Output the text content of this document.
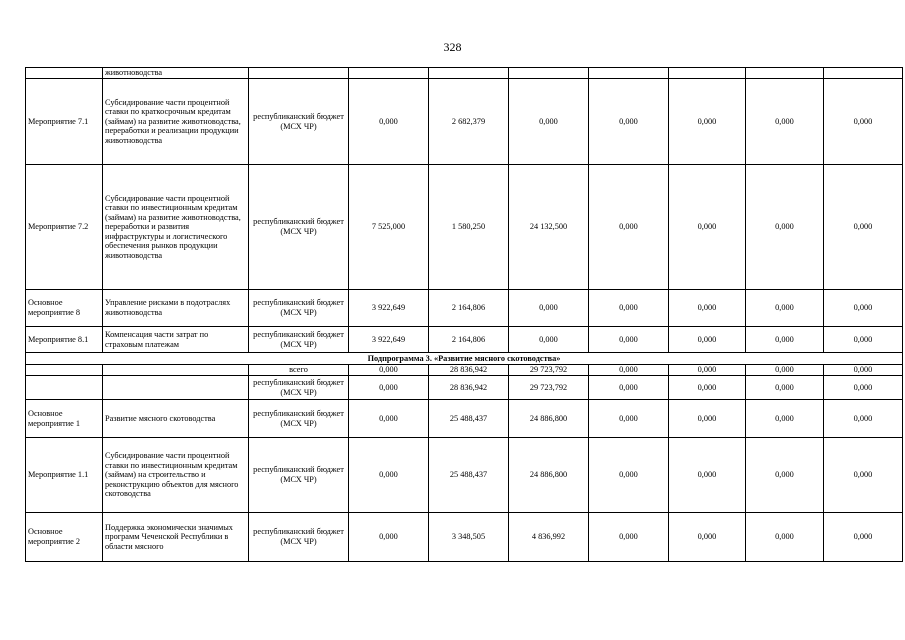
328
	животноводства								
Мероприятие 7.1	Субсидирование части процентной ставки по краткосрочным кредитам (займам) на развитие животноводства, переработки и реализации продукции животноводства	республиканский бюджет (МСХ ЧР)	0,000	2 682,379	0,000	0,000	0,000	0,000	0,000
Мероприятие 7.2	Субсидирование части процентной ставки по инвестиционным кредитам (займам) на развитие животноводства, переработки и развития инфраструктуры и логистического обеспечения рынков продукции животноводства	республиканский бюджет (МСХ ЧР)	7 525,000	1 580,250	24 132,500	0,000	0,000	0,000	0,000
Основное мероприятие 8	Управление рисками в подотраслях животноводства	республиканский бюджет (МСХ ЧР)	3 922,649	2 164,806	0,000	0,000	0,000	0,000	0,000
Мероприятие 8.1	Компенсация части затрат по страховым платежам	республиканский бюджет (МСХ ЧР)	3 922,649	2 164,806	0,000	0,000	0,000	0,000	0,000
Подпрограмма 3. «Развитие мясного скотоводства»									
		всего	0,000	28 836,942	29 723,792	0,000	0,000	0,000	0,000
		республиканский бюджет (МСХ ЧР)	0,000	28 836,942	29 723,792	0,000	0,000	0,000	0,000
Основное мероприятие 1	Развитие мясного скотоводства	республиканский бюджет (МСХ ЧР)	0,000	25 488,437	24 886,800	0,000	0,000	0,000	0,000
Мероприятие 1.1	Субсидирование части процентной ставки по инвестиционным кредитам (займам) на строительство и реконструкцию объектов для мясного скотоводства	республиканский бюджет (МСХ ЧР)	0,000	25 488,437	24 886,800	0,000	0,000	0,000	0,000
Основное мероприятие 2	Поддержка экономически значимых программ Чеченской Республики в области мясного	республиканский бюджет (МСХ ЧР)	0,000	3 348,505	4 836,992	0,000	0,000	0,000	0,000
